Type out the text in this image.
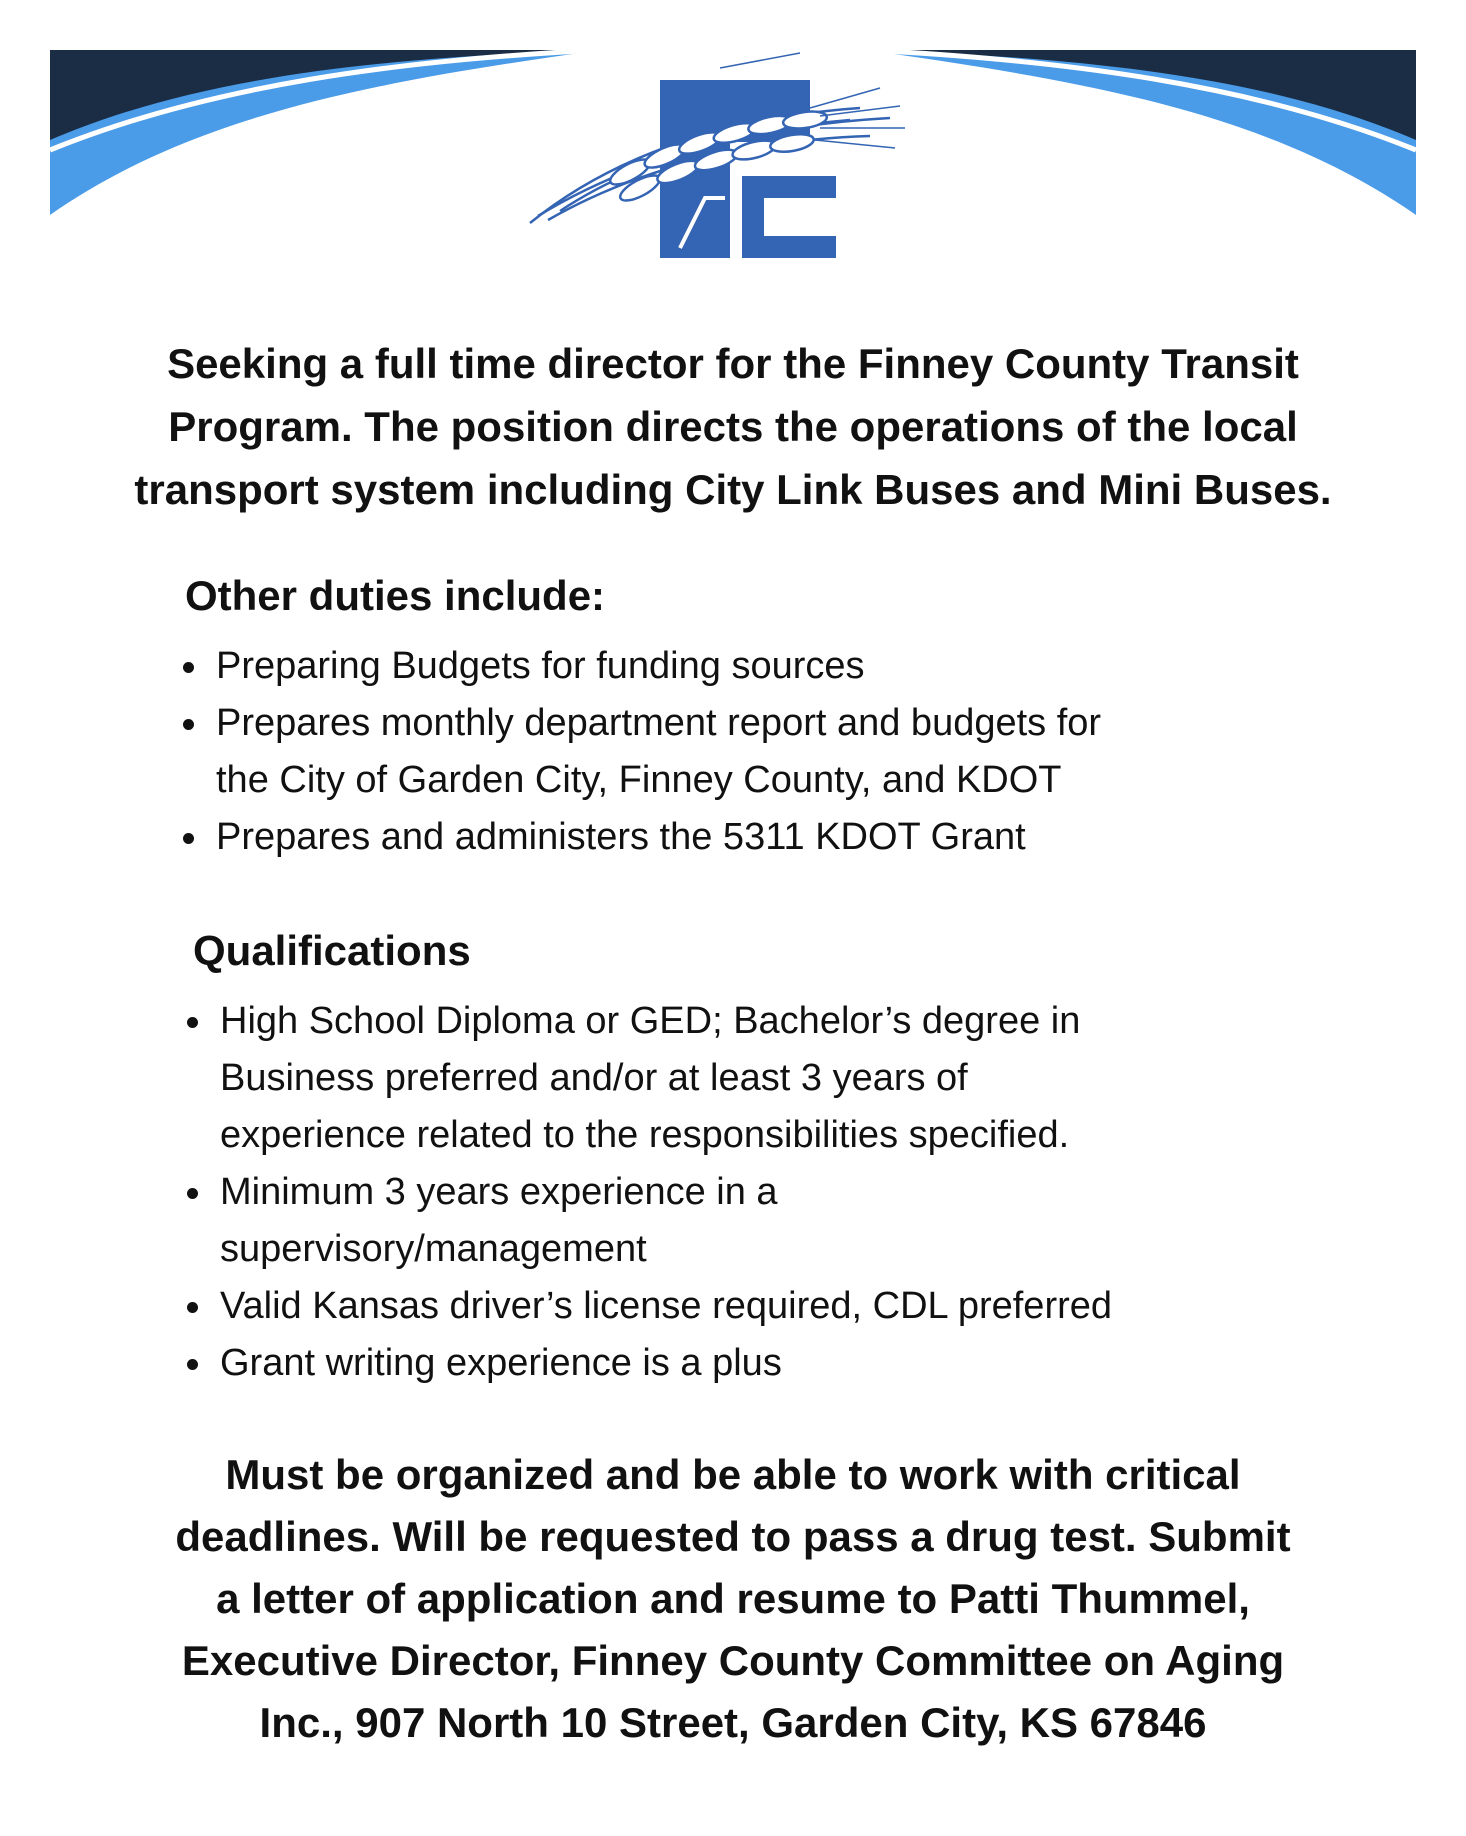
Seeking a full time director for the Finney County Transit
Program. The position directs the operations of the local
transport system including City Link Buses and Mini Buses.

Other duties include:
Preparing Budgets for funding sources
Prepares monthly department report and budgets for
the City of Garden City, Finney County, and KDOT
Prepares and administers the 5311 KDOT Grant
Qualifications
High School Diploma or GED; Bachelor’s degree in
Business preferred and/or at least 3 years of
experience related to the responsibilities specified.
Minimum 3 years experience in a
supervisory/management
Valid Kansas driver’s license required, CDL preferred
Grant writing experience is a plus

Must be organized and be able to work with critical
deadlines. Will be requested to pass a drug test. Submit
a letter of application and resume to Patti Thummel,
Executive Director, Finney County Committee on Aging
Inc., 907 North 10 Street, Garden City, KS 67846
